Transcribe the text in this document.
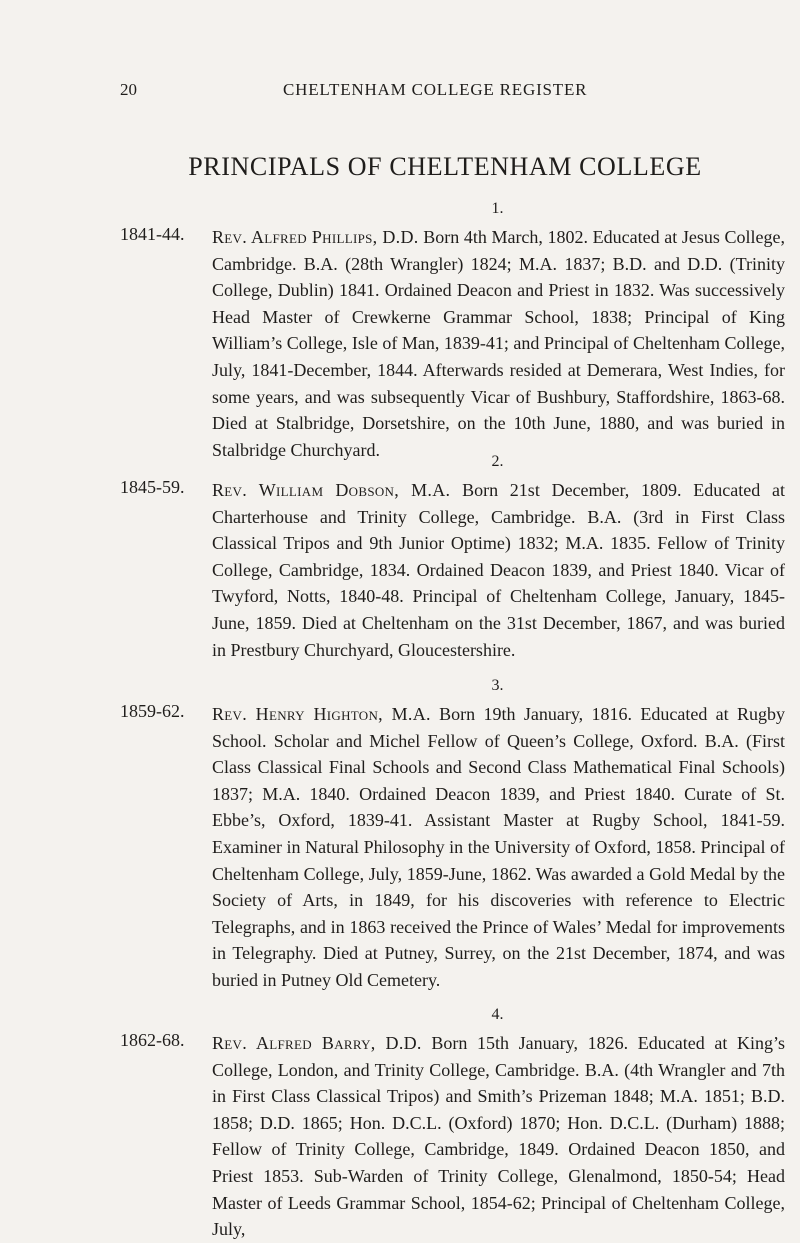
20	CHELTENHAM COLLEGE REGISTER
PRINCIPALS OF CHELTENHAM COLLEGE
1.
1841-44. Rev. Alfred Phillips, D.D. Born 4th March, 1802. Educated at Jesus College, Cambridge. B.A. (28th Wrangler) 1824; M.A. 1837; B.D. and D.D. (Trinity College, Dublin) 1841. Ordained Deacon and Priest in 1832. Was successively Head Master of Crewkerne Grammar School, 1838; Principal of King William’s College, Isle of Man, 1839-41; and Principal of Cheltenham College, July, 1841-December, 1844. Afterwards resided at Demerara, West Indies, for some years, and was subsequently Vicar of Bushbury, Staffordshire, 1863-68. Died at Stalbridge, Dorsetshire, on the 10th June, 1880, and was buried in Stalbridge Churchyard.
2.
1845-59. Rev. William Dobson, M.A. Born 21st December, 1809. Educated at Charterhouse and Trinity College, Cambridge. B.A. (3rd in First Class Classical Tripos and 9th Junior Optime) 1832; M.A. 1835. Fellow of Trinity College, Cambridge, 1834. Ordained Deacon 1839, and Priest 1840. Vicar of Twyford, Notts, 1840-48. Principal of Cheltenham College, January, 1845-June, 1859. Died at Cheltenham on the 31st December, 1867, and was buried in Prestbury Churchyard, Gloucestershire.
3.
1859-62. Rev. Henry Highton, M.A. Born 19th January, 1816. Educated at Rugby School. Scholar and Michel Fellow of Queen’s College, Oxford. B.A. (First Class Classical Final Schools and Second Class Mathematical Final Schools) 1837; M.A. 1840. Ordained Deacon 1839, and Priest 1840. Curate of St. Ebbe’s, Oxford, 1839-41. Assistant Master at Rugby School, 1841-59. Examiner in Natural Philosophy in the University of Oxford, 1858. Principal of Cheltenham College, July, 1859-June, 1862. Was awarded a Gold Medal by the Society of Arts, in 1849, for his discoveries with reference to Electric Telegraphs, and in 1863 received the Prince of Wales’ Medal for improvements in Telegraphy. Died at Putney, Surrey, on the 21st December, 1874, and was buried in Putney Old Cemetery.
4.
1862-68. Rev. Alfred Barry, D.D. Born 15th January, 1826. Educated at King’s College, London, and Trinity College, Cambridge. B.A. (4th Wrangler and 7th in First Class Classical Tripos) and Smith’s Prizeman 1848; M.A. 1851; B.D. 1858; D.D. 1865; Hon. D.C.L. (Oxford) 1870; Hon. D.C.L. (Durham) 1888; Fellow of Trinity College, Cambridge, 1849. Ordained Deacon 1850, and Priest 1853. Sub-Warden of Trinity College, Glenalmond, 1850-54; Head Master of Leeds Grammar School, 1854-62; Principal of Cheltenham College, July,
